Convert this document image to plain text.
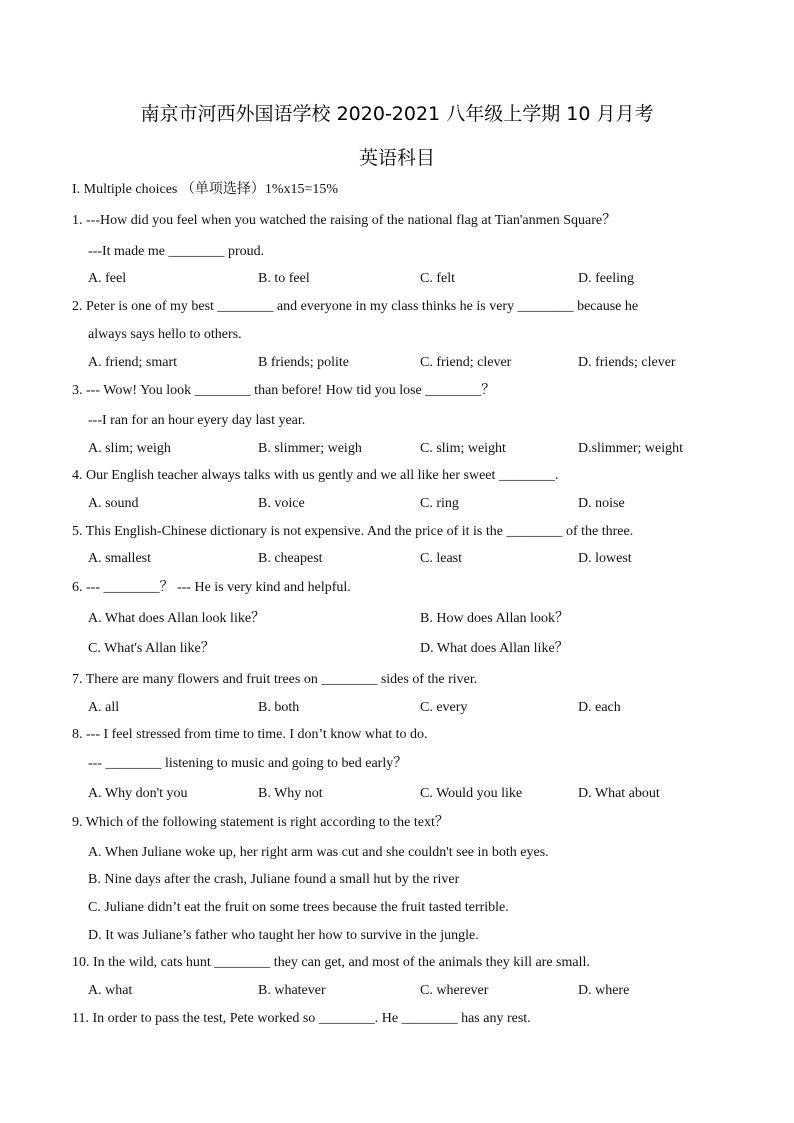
南京市河西外国语学校 2020-2021 八年级上学期 10 月月考
英语科目
I. Multiple choices （单项选择）1%x15=15%
1. ---How did you feel when you watched the raising of the national flag at Tian'anmen Square？
---It made me ________ proud.
A. feel	B. to feel	C. felt	D. feeling
2. Peter is one of my best ________ and everyone in my class thinks he is very ________ because he
always says hello to others.
A. friend; smart	B friends; polite	C. friend; clever	D. friends; clever
3. --- Wow! You look ________ than before! How tid you lose ________？
---I ran for an hour eyery day last year.
A. slim; weigh	B. slimmer; weigh	C. slim; weight	D.slimmer; weight
4. Our English teacher always talks with us gently and we all like her sweet ________.
A. sound	B. voice	C. ring	D. noise
5. This English-Chinese dictionary is not expensive. And the price of it is the ________ of the three.
A. smallest	B. cheapest	C. least	D. lowest
6. --- ________？ --- He is very kind and helpful.
A. What does Allan look like？	B. How does Allan look？
C. What's Allan like？	D. What does Allan like？
7. There are many flowers and fruit trees on ________ sides of the river.
A. all	B. both	C. every	D. each
8. --- I feel stressed from time to time. I don’t know what to do.
--- ________ listening to music and going to bed early？
A. Why don't you	B. Why not	C. Would you like	D. What about
9. Which of the following statement is right according to the text？
A. When Juliane woke up, her right arm was cut and she couldn't see in both eyes.
B. Nine days after the crash, Juliane found a small hut by the river
C. Juliane didn’t eat the fruit on some trees because the fruit tasted terrible.
D. It was Juliane’s father who taught her how to survive in the jungle.
10. In the wild, cats hunt ________ they can get, and most of the animals they kill are small.
A. what	B. whatever	C. wherever	D. where
11. In order to pass the test, Pete worked so ________. He ________ has any rest.
